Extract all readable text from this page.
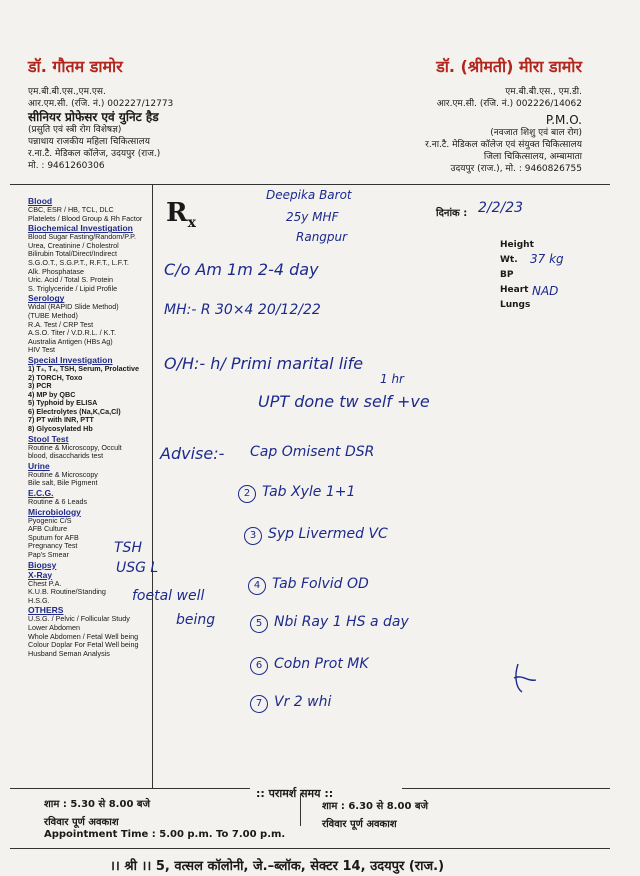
डॉ. गौतम डामोर
एम.बी.बी.एस.,एम.एस.
आर.एम.सी. (रजि. नं.) 002227/12773
सीनियर प्रोफेसर एवं युनिट हैड
(प्रसुति एवं स्त्री रोग विशेषज्ञ)
पन्नाधाय राजकीय महिला चिकित्सालय
र.ना.टै. मेडिकल कॉलेज, उदयपुर (राज.)
मो. : 9461260306
डॉ. (श्रीमती) मीरा डामोर
एम.बी.बी.एस., एम.डी.
आर.एम.सी. (रजि. नं.) 002226/14062
P.M.O.
(नवजात शिशु एवं बाल रोग)
र.ना.टै. मेडिकल कॉलेज एवं संयुक्त चिकित्सालय
जिला चिकित्सालय, अम्बामाता
उदयपुर (राज.), मो. : 9460826755
Blood
CBC, ESR / HB, TCL, DLC
Platelets / Blood Group & Rh Factor
Biochemical Investigation
Blood Sugar Fasting/Random/P.P.
Urea, Creatinine / Cholestrol
Bilirubin Total/Direct/Indirect
S.G.O.T., S.G.P.T., R.F.T., L.F.T.
Alk. Phosphatase
Uric. Acid / Total S. Protein
S. Triglyceride / Lipid Profile
Serology
Widal (RAPID Slide Method)
(TUBE Method)
R.A. Test / CRP Test
A.S.O. Titer / V.D.R.L. / K.T.
Australia Antigen (HBs Ag)
HIV Test
Special Investigation
1) T₃, T₄, TSH, Serum, Prolactive
2) TORCH, Toxo
3) PCR
4) MP by QBC
5) Typhoid by ELISA
6) Electrolytes (Na,K,Ca,Cl)
7) PT with INR, PTT
8) Glycosylated Hb
Stool Test
Routine & Microscopy, Occult
blood, disaccharids test
Urine
Routine & Microscopy
Bile salt, Bile Pigment
E.C.G.
Routine & 6 Leads
Microbiology
Pyogenic C/S
AFB Culture
Sputum for AFB
Pregnancy Test
Pap's Smear
Biopsy
X-Ray
Chest P.A.
K.U.B. Routine/Standing
H.S.G.
OTHERS
U.S.G. / Pelvic / Follicular Study
Lower Abdomen
Whole Abdomen / Fetal Well being
Colour Doplar For Fetal Well being
Husband Seman Analysis
$R_x$
दिनांक :
Height
Wt.
BP
Heart
Lungs
Deepika Barot
25y MHF
Rangpur
2/2/23
37 kg
NAD
C/o Am 1m 2-4 day
MH:- R 30×4 20/12/22
O/H:- h/ Primi marital life
1 hr
UPT done tw self +ve
Advise:- Cap Omisent DSR
2 Tab Xyle 1+1
3 Syp Livermed VC
4 Tab Folvid OD
5 Nbi Ray 1 HS a day
6 Cobn Prot MK
7 Vr 2 whi
TSH
USG L
foetal well
being
:: परामर्श समय ::
शाम : 5.30 से 8.00 बजे
रविवार पूर्ण अवकाश
शाम : 6.30 से 8.00 बजे
रविवार पूर्ण अवकाश
Appointment Time : 5.00 p.m. To 7.00 p.m.
।। श्री ।। 5, वत्सल कॉलोनी, जे.–ब्लॉक, सेक्टर 14, उदयपुर (राज.)
